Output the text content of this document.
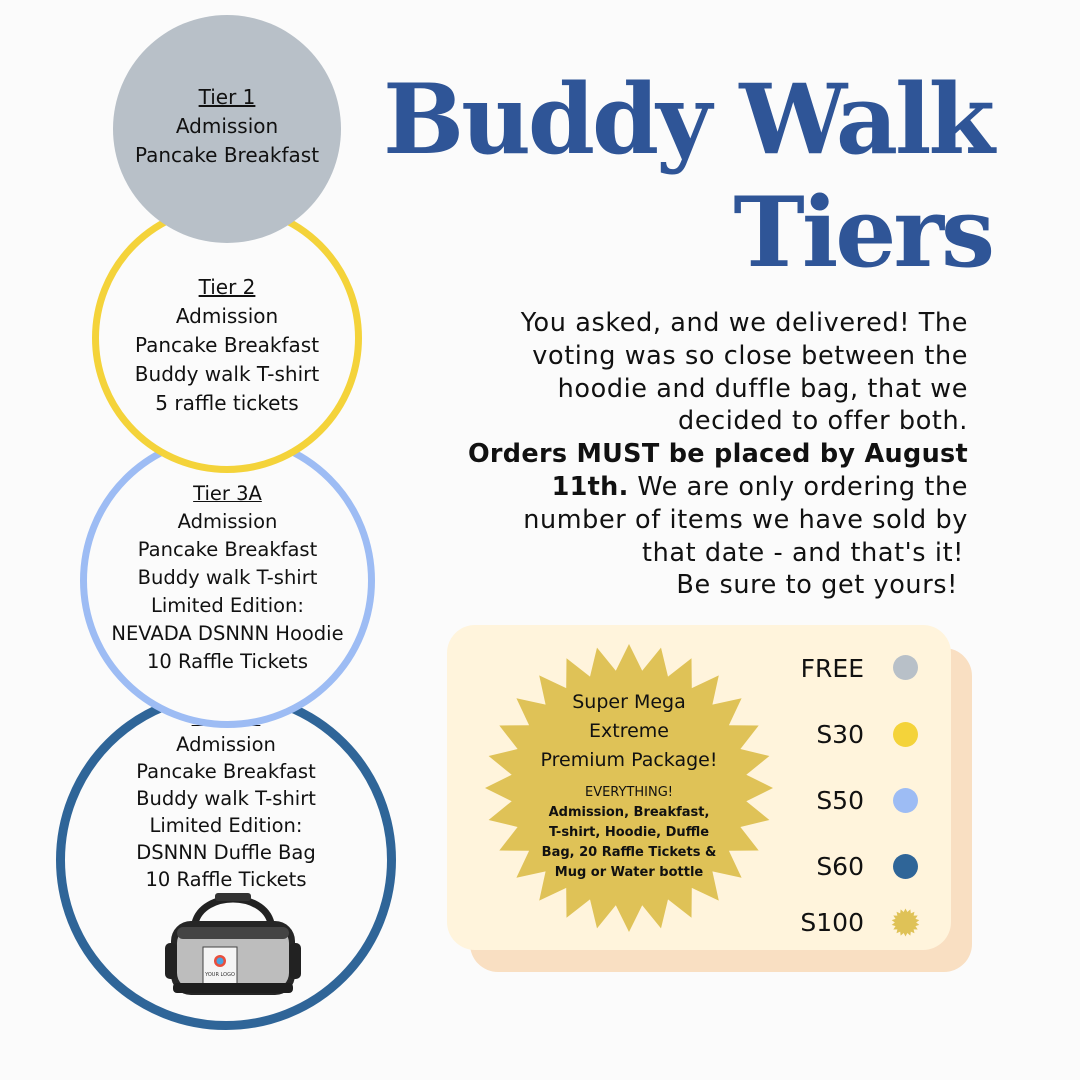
Admission
Pancake Breakfast
Buddy walk T-shirt
Limited Edition:
DSNNN Duffle Bag
10 Raffle Tickets
YOUR LOGO
Tier 3A
Admission
Pancake Breakfast
Buddy walk T-shirt
Limited Edition:
NEVADA DSNNN Hoodie
10 Raffle Tickets
Tier 2
Admission
Pancake Breakfast
Buddy walk T-shirt
5 raffle tickets
Tier 1
Admission
Pancake Breakfast Buddy Walk
Tiers
You asked, and we delivered! The
voting was so close between the
hoodie and duffle bag, that we
decided to offer both.
Orders MUST be placed by August
11th. We are only ordering the
number of items we have sold by
that date - and that's it!
Be sure to get yours!
Super Mega
Extreme
Premium Package!
EVERYTHING!
Admission, Breakfast,
T-shirt, Hoodie, Duffle
Bag, 20 Raffle Tickets &
Mug or Water bottle
FREE
S30
S50
S60
S100
